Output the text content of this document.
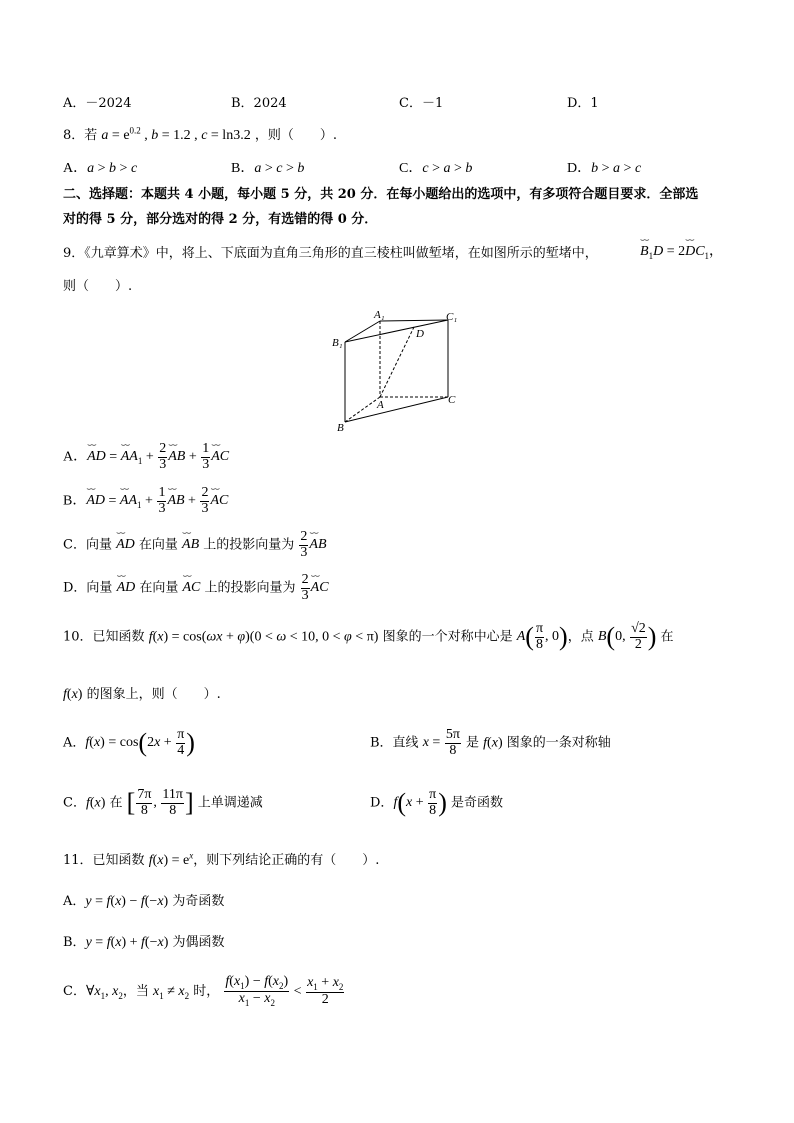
A．－2024	B．2024	C．－1	D．1
8．若 $a = e^{0.2}$ , b = 1.2 , c = ln3.2 ，则（　　）.
A．a > b > c	B．a > c > b	C．c > a > b	D．b > a > c
二、选择题：本题共 4 小题，每小题 5 分，共 20 分．在每小题给出的选项中，有多项符合题目要求．全部选
对的得 5 分，部分选对的得 2 分，有选错的得 0 分．
9．《九章算术》中，将上、下底面为直角三角形的直三棱柱叫做堑堵，在如图所示的堑堵中，	⌣⌣ $B_1D$ = 2⌣⌣ $DC_1$，
则（　　）.
A₁	C₁
D
B₁
A	C
B
A．⌣⌣ AD = ⌣⌣ $AA_1 + \frac{2}{3}$ ⌣⌣ AB + $\frac{1}{3}$ ⌣⌣ AC
B．⌣⌣ AD = ⌣⌣ $AA_1 + \frac{1}{3}$ ⌣⌣ AB + $\frac{2}{3}$ ⌣⌣ AC
C．向量 ⌣⌣ AD 在向量 ⌣⌣ AB 上的投影向量为 $\frac{2}{3}$ ⌣⌣ AB
D．向量 ⌣⌣ AD 在向量 ⌣⌣ AC 上的投影向量为 $\frac{2}{3}$ ⌣⌣ AC
10．已知函数 f(x) = cos(ωx + φ)(0 < ω < 10, 0 < φ < π) 图象的一个对称中心是 $A( \frac{\pi}{8}$ , 0)，点 B(0, $\frac{√2}{2}$ ) 在
f(x) 的图象上，则（　　）.
A．$f(x) = \cos(2x + \frac{\pi}{4}$ )	B．直线 $x = \frac{5\pi}{8}$ 是 f(x) 图象的一条对称轴
C．f(x) 在 [ $\frac{7\pi}{8}$ , $\frac{11\pi}{8}$ ] 上单调递减	D．$f(x + \frac{\pi}{8}$ ) 是奇函数
11．已知函数 $f(x) = e^x$，则下列结论正确的有（　　）.
A．y = f(x) − f(−x) 为奇函数
B．y = f(x) + f(−x) 为偶函数
C．$\forall x_1$, $x_2$，当 $x_1 \ne x_2$ 时， $\frac{f(x_1) - f(x_2)}{x_1 - x_2} < \frac{x_1 + x_2}{2}$
